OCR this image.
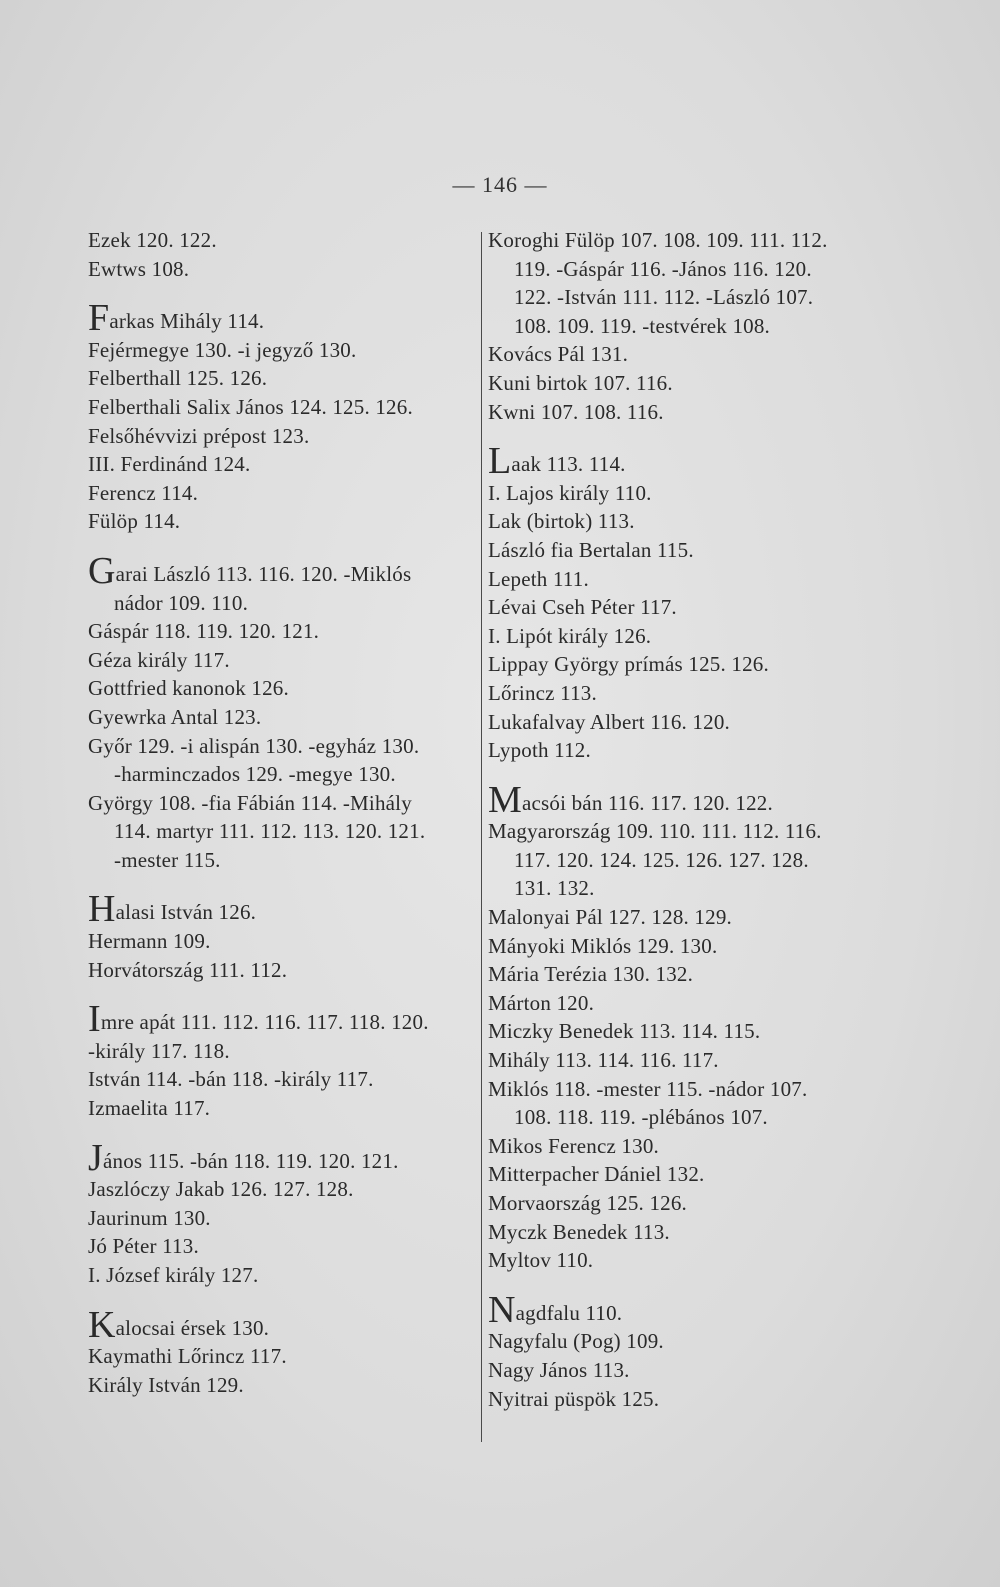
— 146 —
Ezek 120. 122.
Ewtws 108.
Farkas Mihály 114.
Fejérmegye 130. -i jegyző 130.
Felberthall 125. 126.
Felberthali Salix János 124. 125. 126.
Felsőhévvizi prépost 123.
III. Ferdinánd 124.
Ferencz 114.
Fülöp 114.
Garai László 113. 116. 120. -Miklós
nádor 109. 110.
Gáspár 118. 119. 120. 121.
Géza király 117.
Gottfried kanonok 126.
Gyewrka Antal 123.
Győr 129. -i alispán 130. -egyház 130.
-harminczados 129. -megye 130.
György 108. -fia Fábián 114. -Mihály
114. martyr 111. 112. 113. 120. 121.
-mester 115.
Halasi István 126.
Hermann 109.
Horvátország 111. 112.
Imre apát 111. 112. 116. 117. 118. 120.
-király 117. 118.
István 114. -bán 118. -király 117.
Izmaelita 117.
János 115. -bán 118. 119. 120. 121.
Jaszlóczy Jakab 126. 127. 128.
Jaurinum 130.
Jó Péter 113.
I. József király 127.
Kalocsai érsek 130.
Kaymathi Lőrincz 117.
Király István 129.
Koroghi Fülöp 107. 108. 109. 111. 112.
119. -Gáspár 116. -János 116. 120.
122. -István 111. 112. -László 107.
108. 109. 119. -testvérek 108.
Kovács Pál 131.
Kuni birtok 107. 116.
Kwni 107. 108. 116.
Laak 113. 114.
I. Lajos király 110.
Lak (birtok) 113.
László fia Bertalan 115.
Lepeth 111.
Lévai Cseh Péter 117.
I. Lipót király 126.
Lippay György prímás 125. 126.
Lőrincz 113.
Lukafalvay Albert 116. 120.
Lypoth 112.
Macsói bán 116. 117. 120. 122.
Magyarország 109. 110. 111. 112. 116.
117. 120. 124. 125. 126. 127. 128.
131. 132.
Malonyai Pál 127. 128. 129.
Mányoki Miklós 129. 130.
Mária Terézia 130. 132.
Márton 120.
Miczky Benedek 113. 114. 115.
Mihály 113. 114. 116. 117.
Miklós 118. -mester 115. -nádor 107.
108. 118. 119. -plébános 107.
Mikos Ferencz 130.
Mitterpacher Dániel 132.
Morvaország 125. 126.
Myczk Benedek 113.
Myltov 110.
Nagdfalu 110.
Nagyfalu (Pog) 109.
Nagy János 113.
Nyitrai püspök 125.
